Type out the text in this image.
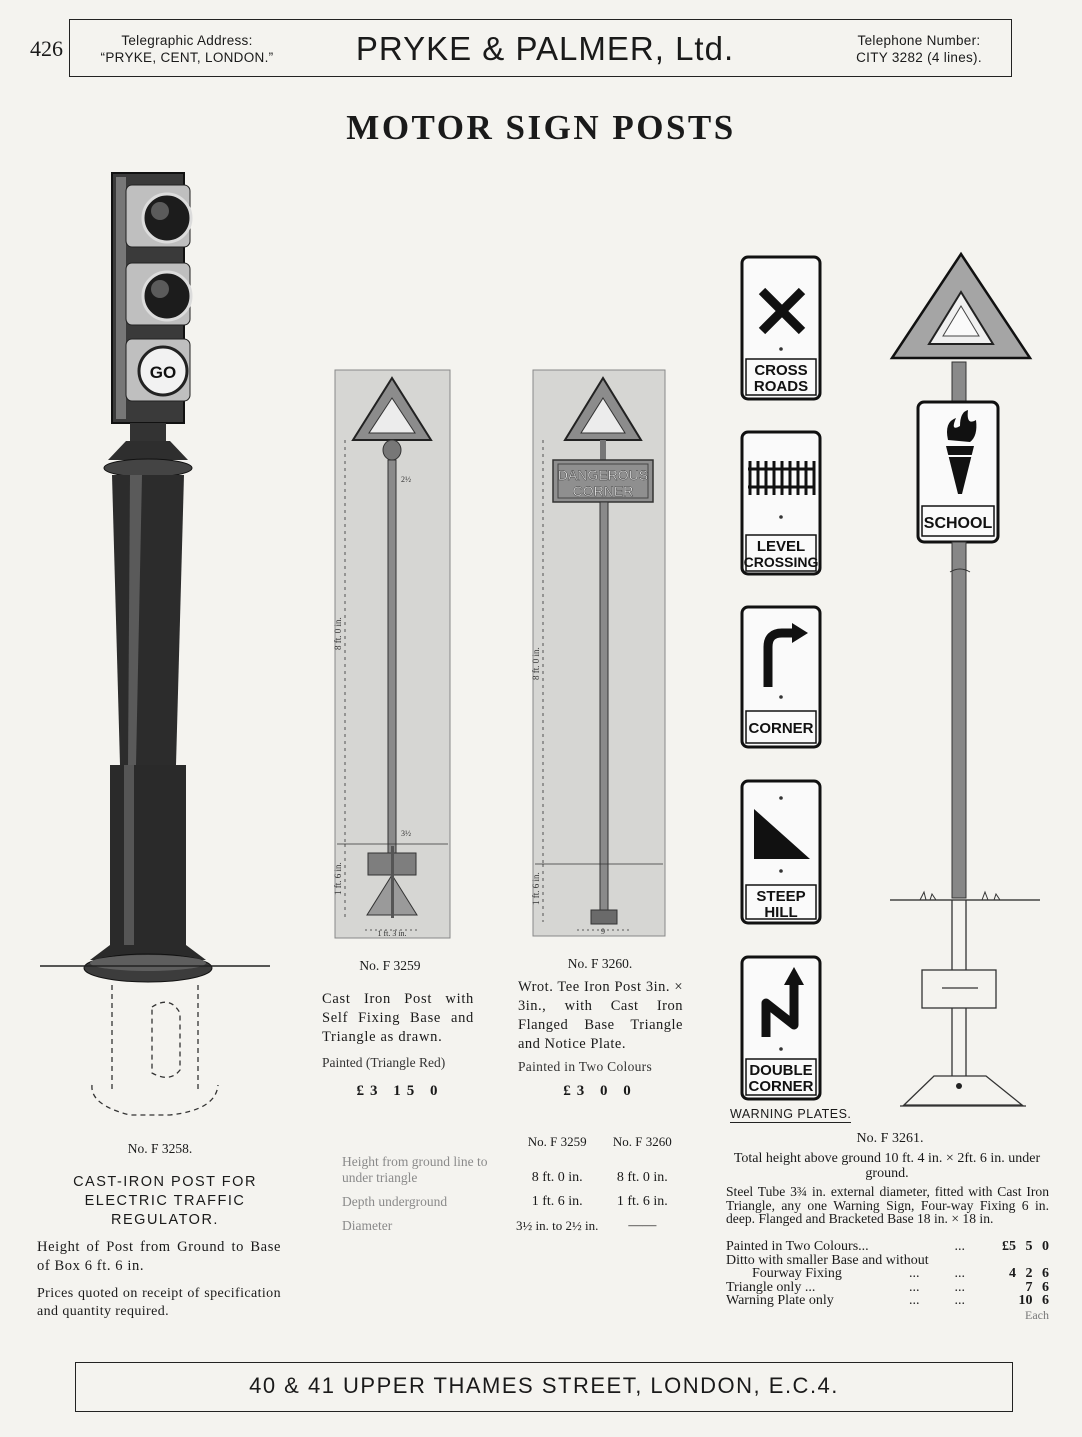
426	Telegraphic Address:
“PRYKE, CENT, LONDON.”	PRYKE & PALMER, Ltd.	Telephone Number:
CITY 3282 (4 lines).
MOTOR SIGN POSTS
GO
No. F 3258.
CAST-IRON POST FOR ELECTRIC TRAFFIC REGULATOR.
Height of Post from Ground to Base of Box 6 ft. 6 in.
Prices quoted on receipt of specification and quantity required.
8 ft. 0 in.
1 ft. 6 in.
1 ft. 3 in.
2½
3½
No. F 3259
Cast Iron Post with Self Fixing Base and Triangle as drawn.
Painted (Triangle Red)
£3 15 0
DANGEROUS
CORNER
8 ft. 0 in.
1 ft. 6 in.
9
No. F 3260.
Wrot. Tee Iron Post 3in. × 3in., with Cast Iron Flanged Base Triangle and Notice Plate.
Painted in Two Colours
£3 0 0
	No. F 3259	No. F 3260
Height from ground line to under triangle	8 ft. 0 in.	8 ft. 0 in.
Depth underground	1 ft. 6 in.	1 ft. 6 in.
Diameter	3½ in. to 2½ in.	——
CROSS
ROADS
LEVEL
CROSSING
CORNER
STEEP
HILL
DOUBLE
CORNER
WARNING PLATES.
SCHOOL
No. F 3261.
Total height above ground 10 ft. 4 in. × 2ft. 6 in. under ground.
Steel Tube 3¾ in. external diameter, fitted with Cast Iron Triangle, any one Warning Sign, Four-way Fixing 6 in. deep. Flanged and Bracketed Base 18 in. × 18 in.
Painted in Two Colours...	...	£5 5 0
Ditto with smaller Base and without
Fourway Fixing	...          ...	4 2 6
Triangle only ...	...          ...	7 6
Warning Plate only	...          ...	10 6
Each
40 & 41 UPPER THAMES STREET, LONDON, E.C.4.
